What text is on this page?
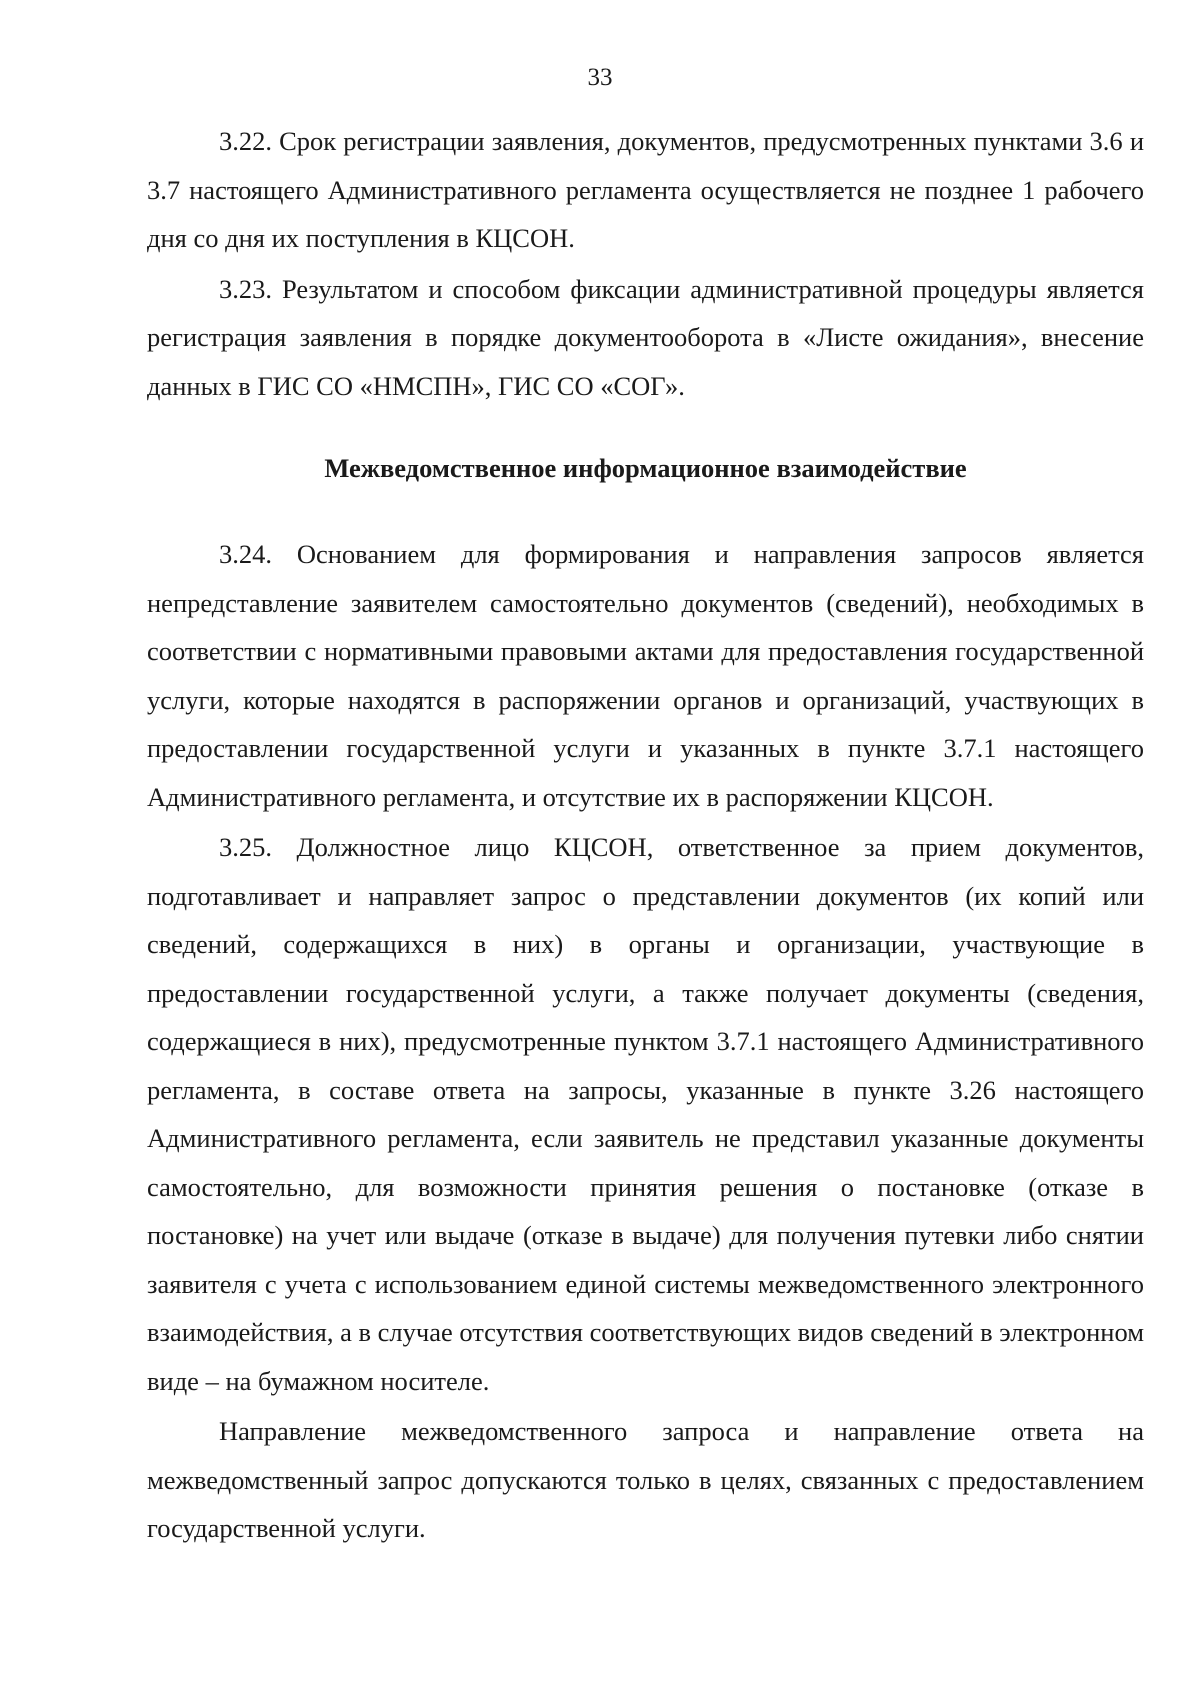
33

3.22. Срок регистрации заявления, документов, предусмотренных пунктами 3.6 и 3.7 настоящего Административного регламента осуществляется не позднее 1 рабочего дня со дня их поступления в КЦСОН.

3.23. Результатом и способом фиксации административной процедуры является регистрация заявления в порядке документооборота в «Листе ожидания», внесение данных в ГИС СО «НМСПН», ГИС СО «СОГ».

Межведомственное информационное взаимодействие

3.24. Основанием для формирования и направления запросов является непредставление заявителем самостоятельно документов (сведений), необходимых в соответствии с нормативными правовыми актами для предоставления государственной услуги, которые находятся в распоряжении органов и организаций, участвующих в предоставлении государственной услуги и указанных в пункте 3.7.1 настоящего Административного регламента, и отсутствие их в распоряжении КЦСОН.

3.25. Должностное лицо КЦСОН, ответственное за прием документов, подготавливает и направляет запрос о представлении документов (их копий или сведений, содержащихся в них) в органы и организации, участвующие в предоставлении государственной услуги, а также получает документы (сведения, содержащиеся в них), предусмотренные пунктом 3.7.1 настоящего Административного регламента, в составе ответа на запросы, указанные в пункте 3.26 настоящего Административного регламента, если заявитель не представил указанные документы самостоятельно, для возможности принятия решения о постановке (отказе в постановке) на учет или выдаче (отказе в выдаче) для получения путевки либо снятии заявителя с учета с использованием единой системы межведомственного электронного взаимодействия, а в случае отсутствия соответствующих видов сведений в электронном виде – на бумажном носителе.

Направление межведомственного запроса и направление ответа на межведомственный запрос допускаются только в целях, связанных с предоставлением государственной услуги.
